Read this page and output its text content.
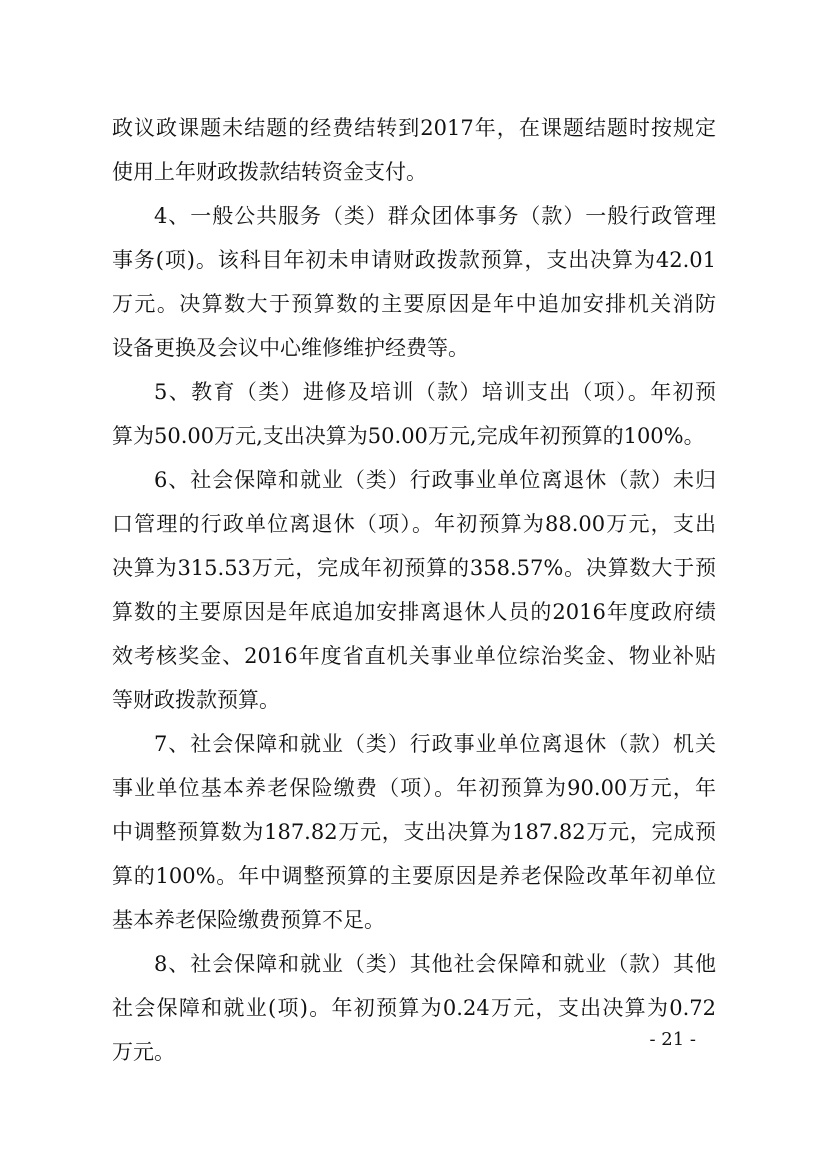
政议政课题未结题的经费结转到2017年，在课题结题时按规定
使用上年财政拨款结转资金支付。
4、一般公共服务（类）群众团体事务（款）一般行政管理
事务(项)。该科目年初未申请财政拨款预算，支出决算为42.01
万元。决算数大于预算数的主要原因是年中追加安排机关消防
设备更换及会议中心维修维护经费等。
5、教育（类）进修及培训（款）培训支出（项）。年初预
算为50.00万元,支出决算为50.00万元,完成年初预算的100%。
6、社会保障和就业（类）行政事业单位离退休（款）未归
口管理的行政单位离退休（项）。年初预算为88.00万元，支出
决算为315.53万元，完成年初预算的358.57%。决算数大于预
算数的主要原因是年底追加安排离退休人员的2016年度政府绩
效考核奖金、2016年度省直机关事业单位综治奖金、物业补贴
等财政拨款预算。
7、社会保障和就业（类）行政事业单位离退休（款）机关
事业单位基本养老保险缴费（项）。年初预算为90.00万元，年
中调整预算数为187.82万元，支出决算为187.82万元，完成预
算的100%。年中调整预算的主要原因是养老保险改革年初单位
基本养老保险缴费预算不足。
8、社会保障和就业（类）其他社会保障和就业（款）其他
社会保障和就业(项)。年初预算为0.24万元，支出决算为0.72
万元。
- 21 -
